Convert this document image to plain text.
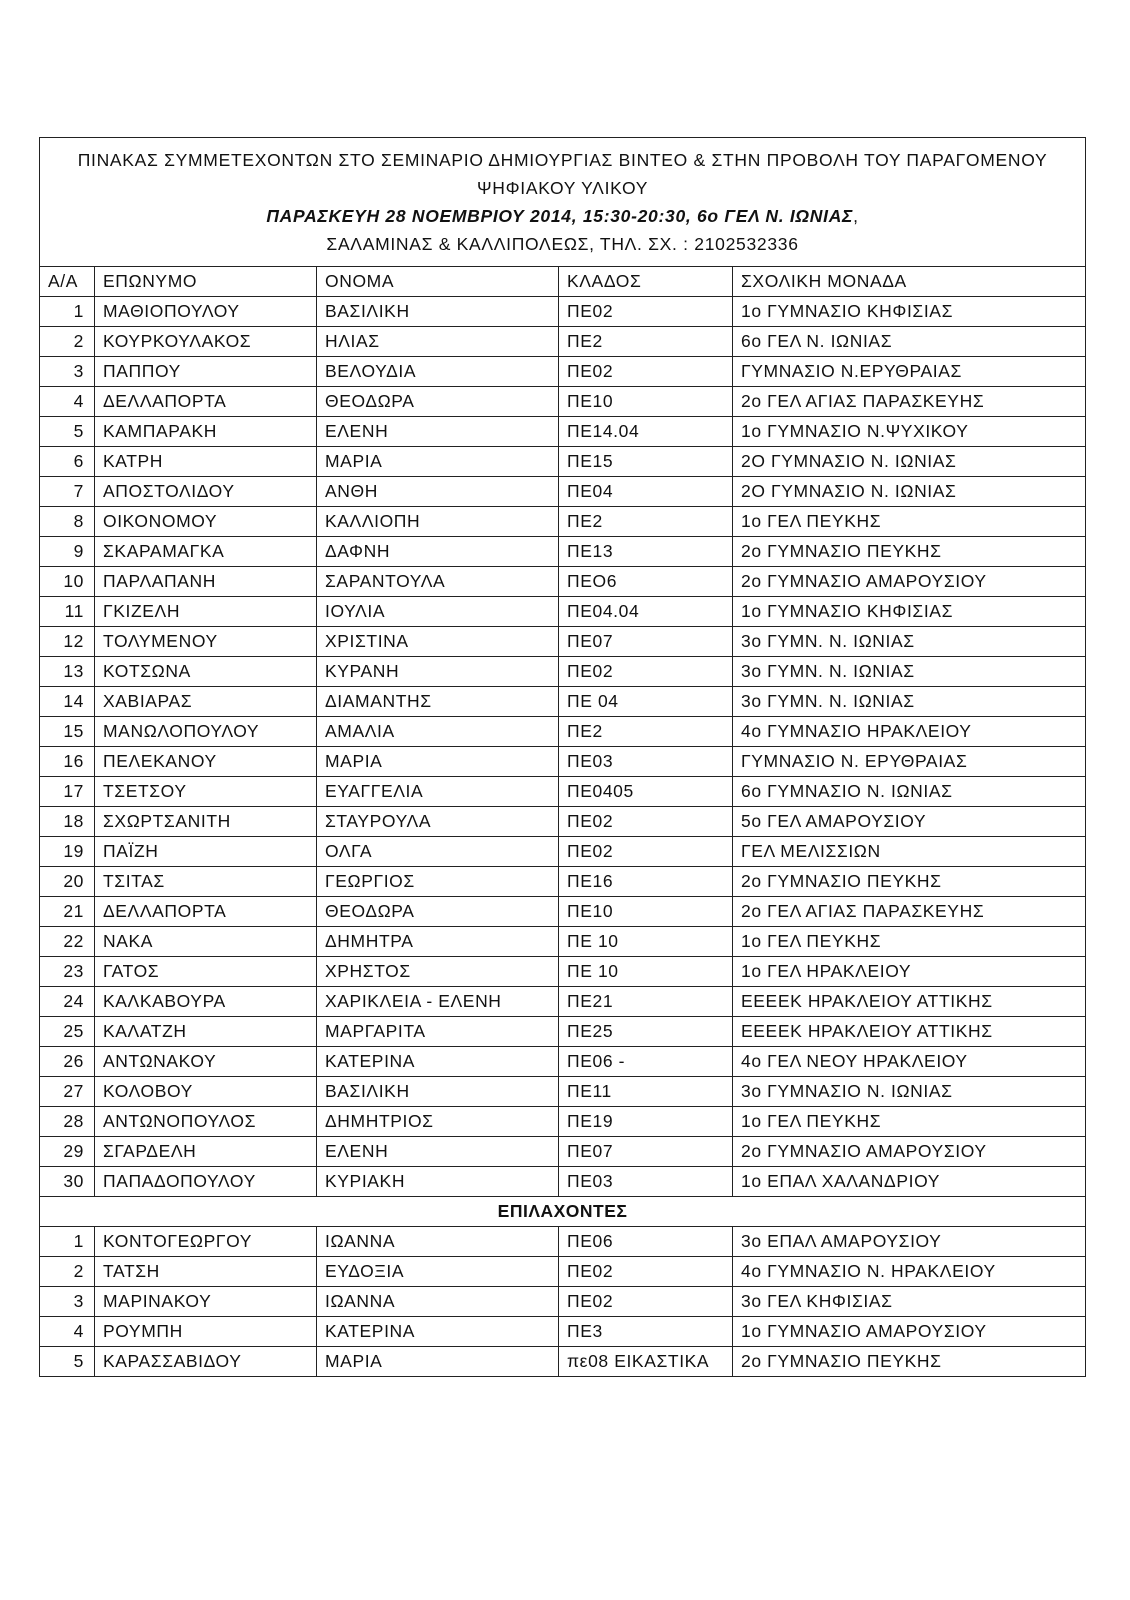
ΠΙΝΑΚΑΣ ΣΥΜΜΕΤΕΧΟΝΤΩΝ ΣΤΟ ΣΕΜΙΝΑΡΙΟ ΔΗΜΙΟΥΡΓΙΑΣ ΒΙΝΤΕΟ & ΣΤΗΝ ΠΡΟΒΟΛΗ ΤΟΥ ΠΑΡΑΓΟΜΕΝΟΥ
ΨΗΦΙΑΚΟΥ ΥΛΙΚΟΥ
ΠΑΡΑΣΚΕΥΗ 28 ΝΟΕΜΒΡΙΟΥ 2014, 15:30-20:30, 6ο ΓΕΛ Ν. ΙΩΝΙΑΣ,
ΣΑΛΑΜΙΝΑΣ & ΚΑΛΛΙΠΟΛΕΩΣ, ΤΗΛ. ΣΧ. : 2102532336				

Α/Α	ΕΠΩΝΥΜΟ	ΟΝΟΜΑ	ΚΛΑΔΟΣ	ΣΧΟΛΙΚΗ ΜΟΝΑΔΑ
1	ΜΑΘΙΟΠΟΥΛΟΥ	ΒΑΣΙΛΙΚΗ	ΠΕ02	1ο ΓΥΜΝΑΣΙΟ ΚΗΦΙΣΙΑΣ
2	ΚΟΥΡΚΟΥΛΑΚΟΣ	ΗΛΙΑΣ	ΠΕ2	6ο ΓΕΛ Ν. ΙΩΝΙΑΣ
3	ΠΑΠΠΟΥ	ΒΕΛΟΥΔΙΑ	ΠΕ02	ΓΥΜΝΑΣΙΟ Ν.ΕΡΥΘΡΑΙΑΣ
4	ΔΕΛΛΑΠΟΡΤΑ	ΘΕΟΔΩΡΑ	ΠΕ10	2ο ΓΕΛ ΑΓΙΑΣ ΠΑΡΑΣΚΕΥΗΣ
5	ΚΑΜΠΑΡΑΚΗ	ΕΛΕΝΗ	ΠΕ14.04	1ο ΓΥΜΝΑΣΙΟ Ν.ΨΥΧΙΚΟΥ
6	ΚΑΤΡΗ	ΜΑΡΙΑ	ΠΕ15	2Ο ΓΥΜΝΑΣΙΟ Ν. ΙΩΝΙΑΣ
7	ΑΠΟΣΤΟΛΙΔΟΥ	ΑΝΘΗ	ΠΕ04	2Ο ΓΥΜΝΑΣΙΟ Ν. ΙΩΝΙΑΣ
8	ΟΙΚΟΝΟΜΟΥ	ΚΑΛΛΙΟΠΗ	ΠΕ2	1ο ΓΕΛ ΠΕΥΚΗΣ
9	ΣΚΑΡΑΜΑΓΚΑ	ΔΑΦΝΗ	ΠΕ13	2ο ΓΥΜΝΑΣΙΟ ΠΕΥΚΗΣ
10	ΠΑΡΛΑΠΑΝΗ	ΣΑΡΑΝΤΟΥΛΑ	ΠΕΟ6	2ο ΓΥΜΝΑΣΙΟ ΑΜΑΡΟΥΣΙΟΥ
11	ΓΚΙΖΕΛΗ	ΙΟΥΛΙΑ	ΠΕ04.04	1ο ΓΥΜΝΑΣΙΟ ΚΗΦΙΣΙΑΣ
12	ΤΟΛΥΜΕΝΟΥ	ΧΡΙΣΤΙΝΑ	ΠΕ07	3ο ΓΥΜΝ. Ν. ΙΩΝΙΑΣ
13	ΚΟΤΣΩΝΑ	ΚΥΡΑΝΗ	ΠΕ02	3ο ΓΥΜΝ. Ν. ΙΩΝΙΑΣ
14	ΧΑΒΙΑΡΑΣ	ΔΙΑΜΑΝΤΗΣ	ΠΕ 04	3ο ΓΥΜΝ. Ν. ΙΩΝΙΑΣ
15	ΜΑΝΩΛΟΠΟΥΛΟΥ	ΑΜΑΛΙΑ	ΠΕ2	4ο ΓΥΜΝΑΣΙΟ ΗΡΑΚΛΕΙΟΥ
16	ΠΕΛΕΚΑΝΟΥ	ΜΑΡΙΑ	ΠΕ03	ΓΥΜΝΑΣΙΟ Ν. ΕΡΥΘΡΑΙΑΣ
17	ΤΣΕΤΣΟΥ	ΕΥΑΓΓΕΛΙΑ	ΠΕ0405	6ο ΓΥΜΝΑΣΙΟ Ν. ΙΩΝΙΑΣ
18	ΣΧΩΡΤΣΑΝΙΤΗ	ΣΤΑΥΡΟΥΛΑ	ΠΕ02	5ο ΓΕΛ ΑΜΑΡΟΥΣΙΟΥ
19	ΠΑΪΖΗ	ΟΛΓΑ	ΠΕ02	ΓΕΛ ΜΕΛΙΣΣΙΩΝ
20	ΤΣΙΤΑΣ	ΓΕΩΡΓΙΟΣ	ΠΕ16	2ο ΓΥΜΝΑΣΙΟ ΠΕΥΚΗΣ
21	ΔΕΛΛΑΠΟΡΤΑ	ΘΕΟΔΩΡΑ	ΠΕ10	2ο ΓΕΛ ΑΓΙΑΣ ΠΑΡΑΣΚΕΥΗΣ
22	ΝΑΚΑ	ΔΗΜΗΤΡΑ	ΠΕ 10	1ο ΓΕΛ ΠΕΥΚΗΣ
23	ΓΑΤΟΣ	ΧΡΗΣΤΟΣ	ΠΕ 10	1ο ΓΕΛ ΗΡΑΚΛΕΙΟΥ
24	ΚΑΛΚΑΒΟΥΡΑ	ΧΑΡΙΚΛΕΙΑ - ΕΛΕΝΗ	ΠΕ21	ΕΕΕΕΚ ΗΡΑΚΛΕΙΟΥ ΑΤΤΙΚΗΣ
25	ΚΑΛΑΤΖΗ	ΜΑΡΓΑΡΙΤΑ	ΠΕ25	ΕΕΕΕΚ ΗΡΑΚΛΕΙΟΥ ΑΤΤΙΚΗΣ
26	ΑΝΤΩΝΑΚΟΥ	ΚΑΤΕΡΙΝΑ	ΠΕ06 -	4ο ΓΕΛ ΝΕΟΥ ΗΡΑΚΛΕΙΟΥ
27	ΚΟΛΟΒΟΥ	ΒΑΣΙΛΙΚΗ	ΠΕ11	3ο ΓΥΜΝΑΣΙΟ Ν. ΙΩΝΙΑΣ
28	ΑΝΤΩΝΟΠΟΥΛΟΣ	ΔΗΜΗΤΡΙΟΣ	ΠΕ19	1ο ΓΕΛ ΠΕΥΚΗΣ
29	ΣΓΑΡΔΕΛΗ	ΕΛΕΝΗ	ΠΕ07	2ο ΓΥΜΝΑΣΙΟ ΑΜΑΡΟΥΣΙΟΥ
30	ΠΑΠΑΔΟΠΟΥΛΟΥ	ΚΥΡΙΑΚΗ	ΠΕ03	1ο ΕΠΑΛ ΧΑΛΑΝΔΡΙΟΥ
ΕΠΙΛΑΧΟΝΤΕΣ				
1	ΚΟΝΤΟΓΕΩΡΓΟΥ	ΙΩΑΝΝΑ	ΠΕ06	3ο ΕΠΑΛ ΑΜΑΡΟΥΣΙΟΥ
2	ΤΑΤΣΗ	ΕΥΔΟΞΙΑ	ΠΕ02	4ο ΓΥΜΝΑΣΙΟ Ν. ΗΡΑΚΛΕΙΟΥ
3	ΜΑΡΙΝΑΚΟΥ	ΙΩΑΝΝΑ	ΠΕ02	3ο ΓΕΛ ΚΗΦΙΣΙΑΣ
4	ΡΟΥΜΠΗ	ΚΑΤΕΡΙΝΑ	ΠΕ3	1ο ΓΥΜΝΑΣΙΟ ΑΜΑΡΟΥΣΙΟΥ
5	ΚΑΡΑΣΣΑΒΙΔΟΥ	ΜΑΡΙΑ	πε08 ΕΙΚΑΣΤΙΚΑ	2ο ΓΥΜΝΑΣΙΟ ΠΕΥΚΗΣ
